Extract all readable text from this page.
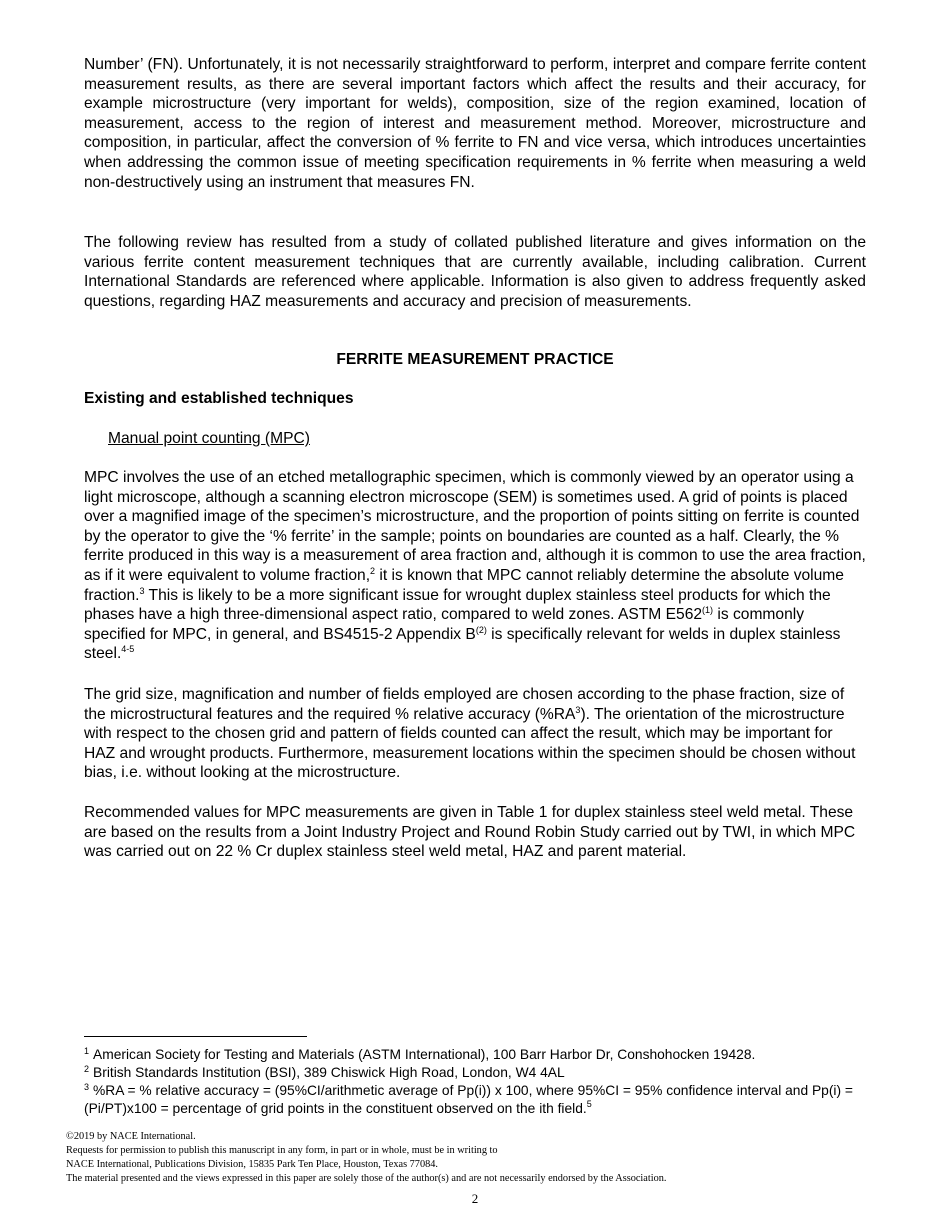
Number’ (FN). Unfortunately, it is not necessarily straightforward to perform, interpret and compare ferrite content measurement results, as there are several important factors which affect the results and their accuracy, for example microstructure (very important for welds), composition, size of the region examined, location of measurement, access to the region of interest and measurement method. Moreover, microstructure and composition, in particular, affect the conversion of % ferrite to FN and vice versa, which introduces uncertainties when addressing the common issue of meeting specification requirements in % ferrite when measuring a weld non-destructively using an instrument that measures FN.

The following review has resulted from a study of collated published literature and gives information on the various ferrite content measurement techniques that are currently available, including calibration. Current International Standards are referenced where applicable. Information is also given to address frequently asked questions, regarding HAZ measurements and accuracy and precision of measurements.

FERRITE MEASUREMENT PRACTICE
Existing and established techniques
Manual point counting (MPC)

MPC involves the use of an etched metallographic specimen, which is commonly viewed by an operator using a light microscope, although a scanning electron microscope (SEM) is sometimes used. A grid of points is placed over a magnified image of the specimen’s microstructure, and the proportion of points sitting on ferrite is counted by the operator to give the ‘% ferrite’ in the sample; points on boundaries are counted as a half. Clearly, the % ferrite produced in this way is a measurement of area fraction and, although it is common to use the area fraction, as if it were equivalent to volume fraction,$^2$ it is known that MPC cannot reliably determine the absolute volume fraction.$^3$ This is likely to be a more significant issue for wrought duplex stainless steel products for which the phases have a high three-dimensional aspect ratio, compared to weld zones. ASTM E562$^{(1)}$ is commonly specified for MPC, in general, and BS4515-2 Appendix $B^{(2)}$ is specifically relevant for welds in duplex stainless steel.$^{4-5}$

The grid size, magnification and number of fields employed are chosen according to the phase fraction, size of the microstructural features and the required % relative accuracy $(\%RA^3)$. The orientation of the microstructure with respect to the chosen grid and pattern of fields counted can affect the result, which may be important for HAZ and wrought products. Furthermore, measurement locations within the specimen should be chosen without bias, i.e. without looking at the microstructure.

Recommended values for MPC measurements are given in Table 1 for duplex stainless steel weld metal. These are based on the results from a Joint Industry Project and Round Robin Study carried out by TWI, in which MPC was carried out on 22 % Cr duplex stainless steel weld metal, HAZ and parent material.

$^1$ American Society for Testing and Materials (ASTM International), 100 Barr Harbor Dr, Conshohocken 19428.

$^2$ British Standards Institution (BSI), 389 Chiswick High Road, London, W4 4AL

$^3$ %RA = % relative accuracy = (95%CI/arithmetic average of Pp(i)) x 100, where 95%CI = 95% confidence interval and Pp(i) = (Pi/PT)x100 = percentage of grid points in the constituent observed on the ith field.$^5$

©2019 by NACE International.

Requests for permission to publish this manuscript in any form, in part or in whole, must be in writing to

NACE International, Publications Division, 15835 Park Ten Place, Houston, Texas 77084.

The material presented and the views expressed in this paper are solely those of the author(s) and are not necessarily endorsed by the Association.

2
